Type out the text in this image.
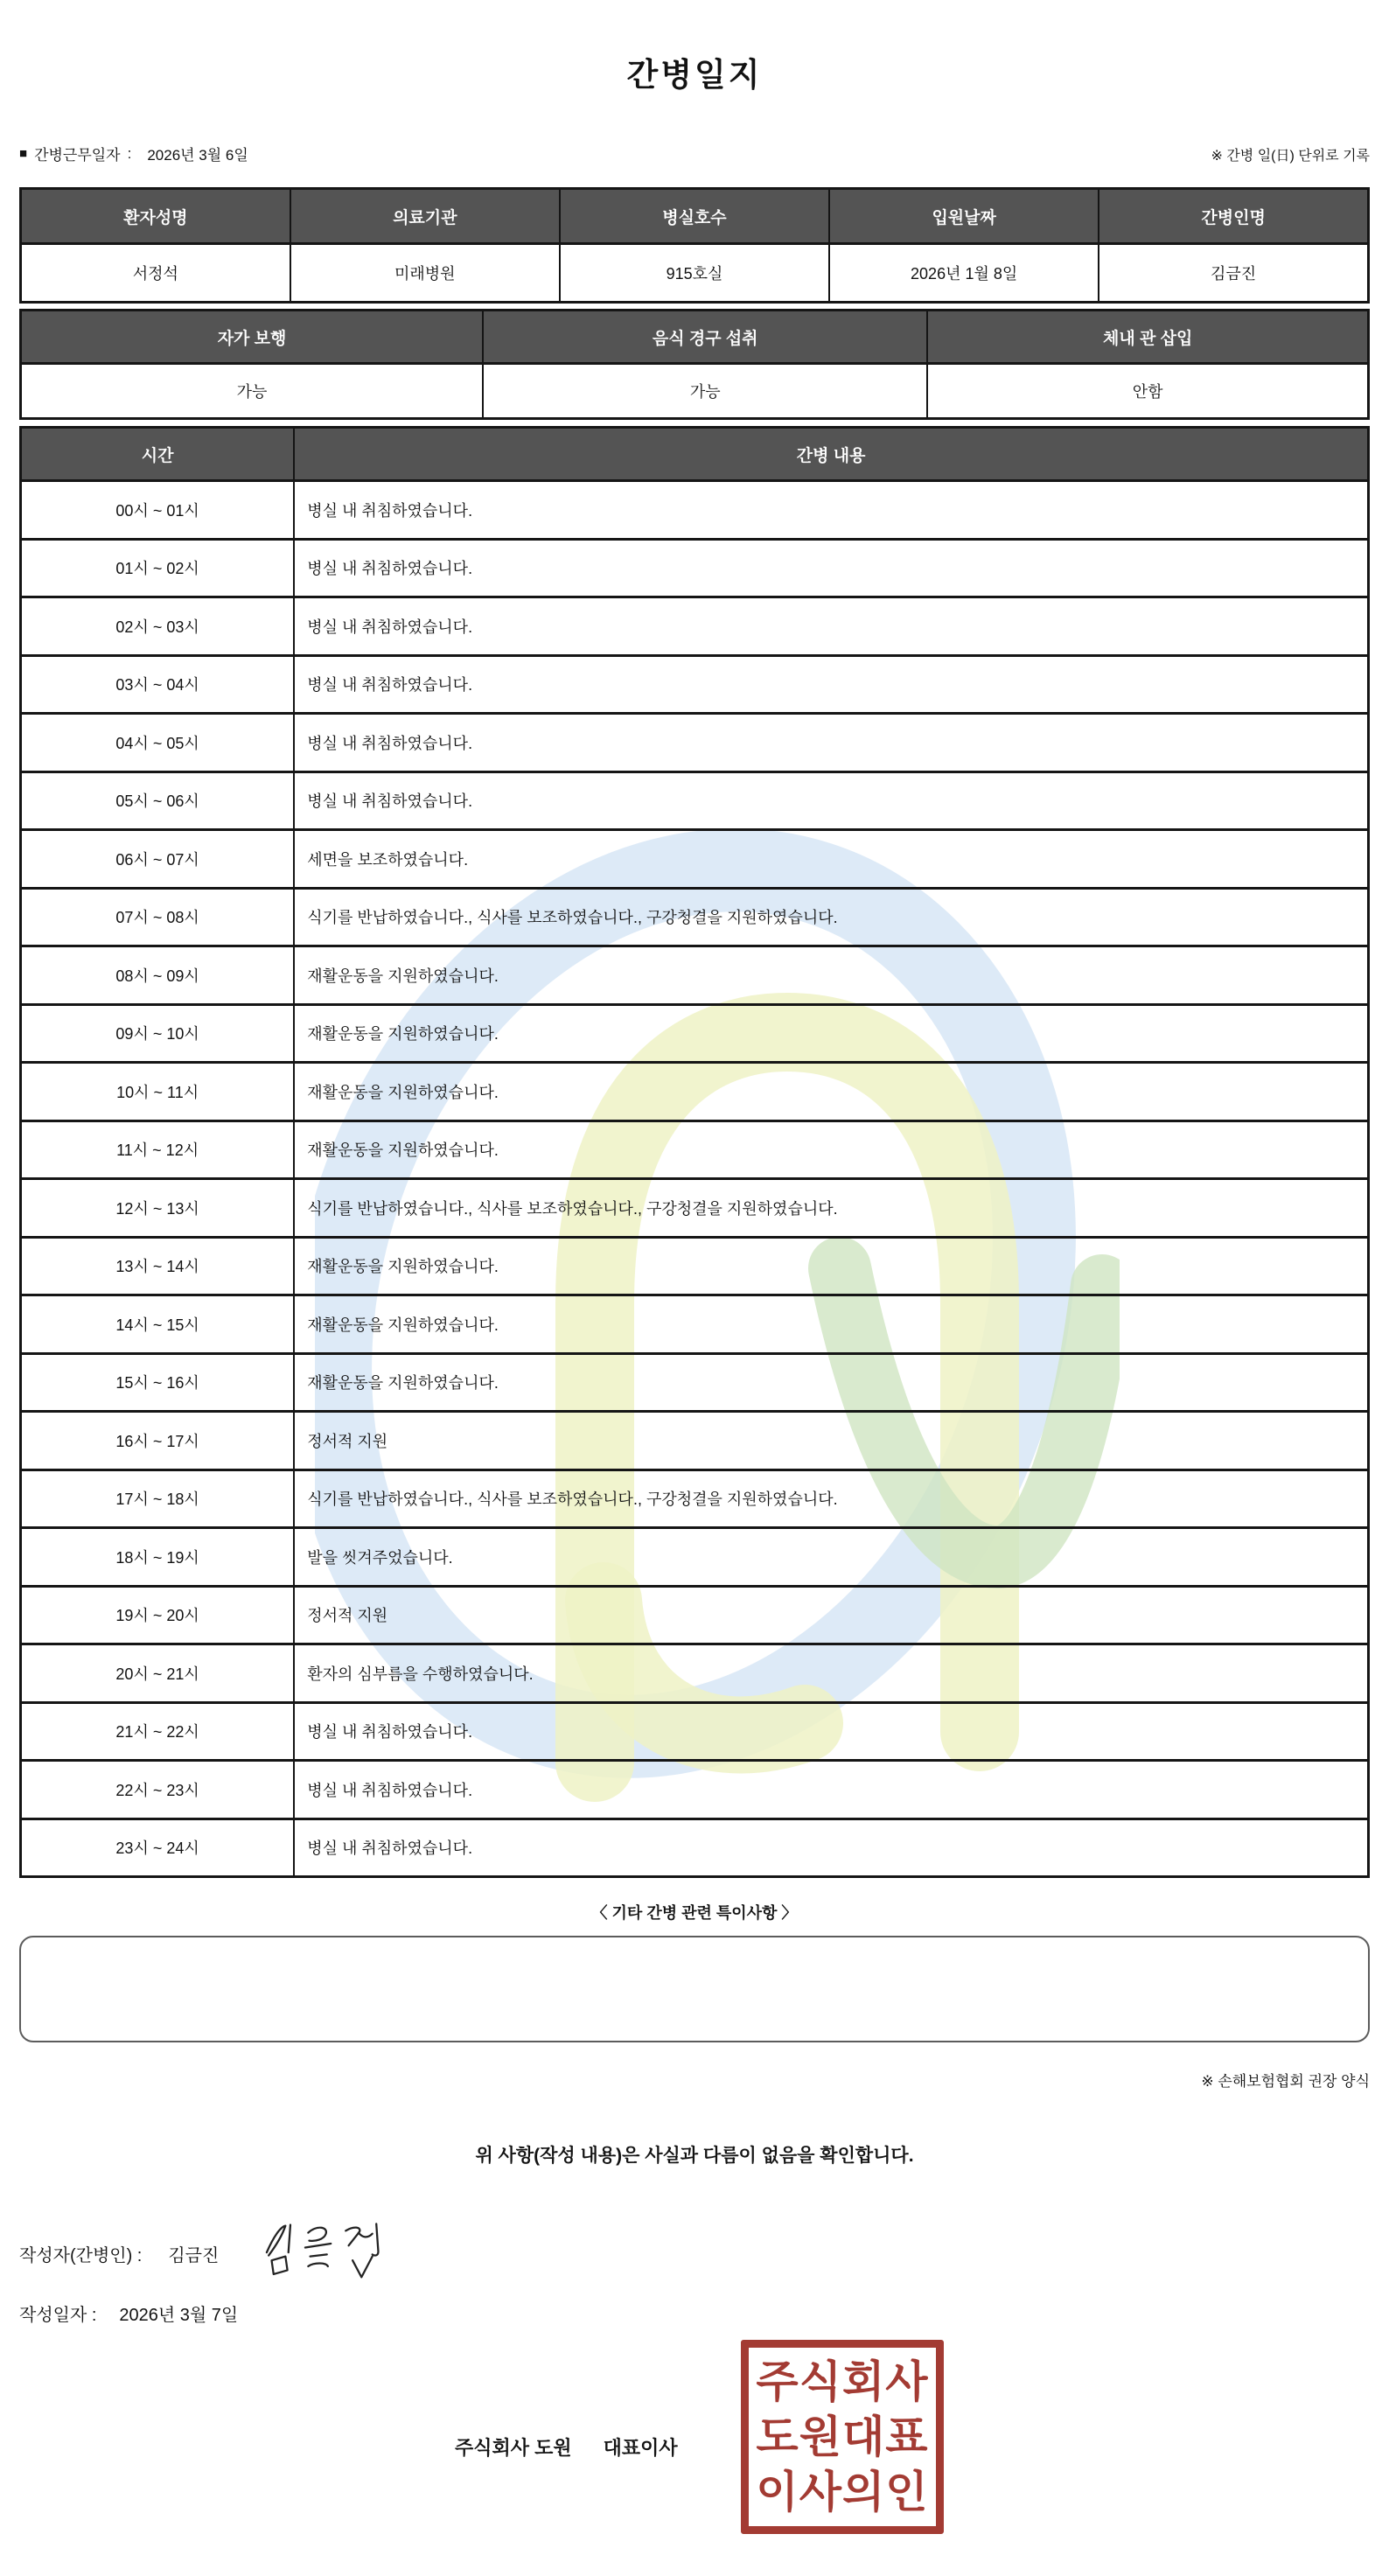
간병일지
■ 간병근무일자 : 2026년 3월 6일	※ 간병 일(日) 단위로 기록
환자성명	의료기관	병실호수	입원날짜	간병인명
서정석	미래병원	915호실	2026년 1월 8일	김금진
자가 보행	음식 경구 섭취	체내 관 삽입
가능	가능	안함
시간	간병 내용
00시 ~ 01시	병실 내 취침하였습니다.
01시 ~ 02시	병실 내 취침하였습니다.
02시 ~ 03시	병실 내 취침하였습니다.
03시 ~ 04시	병실 내 취침하였습니다.
04시 ~ 05시	병실 내 취침하였습니다.
05시 ~ 06시	병실 내 취침하였습니다.
06시 ~ 07시	세면을 보조하였습니다.
07시 ~ 08시	식기를 반납하였습니다., 식사를 보조하였습니다., 구강청결을 지원하였습니다.
08시 ~ 09시	재활운동을 지원하였습니다.
09시 ~ 10시	재활운동을 지원하였습니다.
10시 ~ 11시	재활운동을 지원하였습니다.
11시 ~ 12시	재활운동을 지원하였습니다.
12시 ~ 13시	식기를 반납하였습니다., 식사를 보조하였습니다., 구강청결을 지원하였습니다.
13시 ~ 14시	재활운동을 지원하였습니다.
14시 ~ 15시	재활운동을 지원하였습니다.
15시 ~ 16시	재활운동을 지원하였습니다.
16시 ~ 17시	정서적 지원
17시 ~ 18시	식기를 반납하였습니다., 식사를 보조하였습니다., 구강청결을 지원하였습니다.
18시 ~ 19시	발을 씻겨주었습니다.
19시 ~ 20시	정서적 지원
20시 ~ 21시	환자의 심부름을 수행하였습니다.
21시 ~ 22시	병실 내 취침하였습니다.
22시 ~ 23시	병실 내 취침하였습니다.
23시 ~ 24시	병실 내 취침하였습니다.
〈 기타 간병 관련 특이사항 〉
※ 손해보험협회 권장 양식
위 사항(작성 내용)은 사실과 다름이 없음을 확인합니다.
작성자(간병인) : 김금진
작성일자 : 2026년 3월 7일
주식회사 도원 대표이사
주식회사
도원대표
이사의인
